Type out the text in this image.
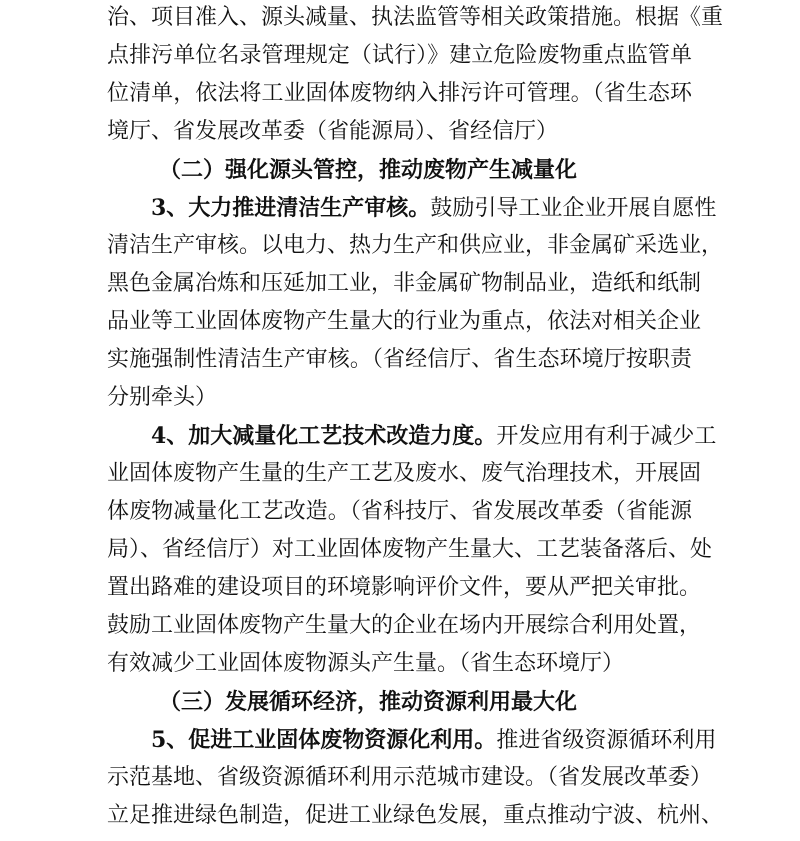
治、项目准入、源头减量、执法监管等相关政策措施。根据《重
点排污单位名录管理规定（试行）》建立危险废物重点监管单
位清单，依法将工业固体废物纳入排污许可管理。（省生态环
境厅、省发展改革委（省能源局）、省经信厅）
（二）强化源头管控，推动废物产生减量化
3、大力推进清洁生产审核。鼓励引导工业企业开展自愿性
清洁生产审核。以电力、热力生产和供应业，非金属矿采选业，
黑色金属冶炼和压延加工业，非金属矿物制品业，造纸和纸制
品业等工业固体废物产生量大的行业为重点，依法对相关企业
实施强制性清洁生产审核。（省经信厅、省生态环境厅按职责
分别牵头）
4、加大减量化工艺技术改造力度。开发应用有利于减少工
业固体废物产生量的生产工艺及废水、废气治理技术，开展固
体废物减量化工艺改造。（省科技厅、省发展改革委（省能源
局）、省经信厅）对工业固体废物产生量大、工艺装备落后、处
置出路难的建设项目的环境影响评价文件，要从严把关审批。
鼓励工业固体废物产生量大的企业在场内开展综合利用处置，
有效减少工业固体废物源头产生量。（省生态环境厅）
（三）发展循环经济，推动资源利用最大化
5、促进工业固体废物资源化利用。推进省级资源循环利用
示范基地、省级资源循环利用示范城市建设。（省发展改革委）
立足推进绿色制造，促进工业绿色发展，重点推动宁波、杭州、
